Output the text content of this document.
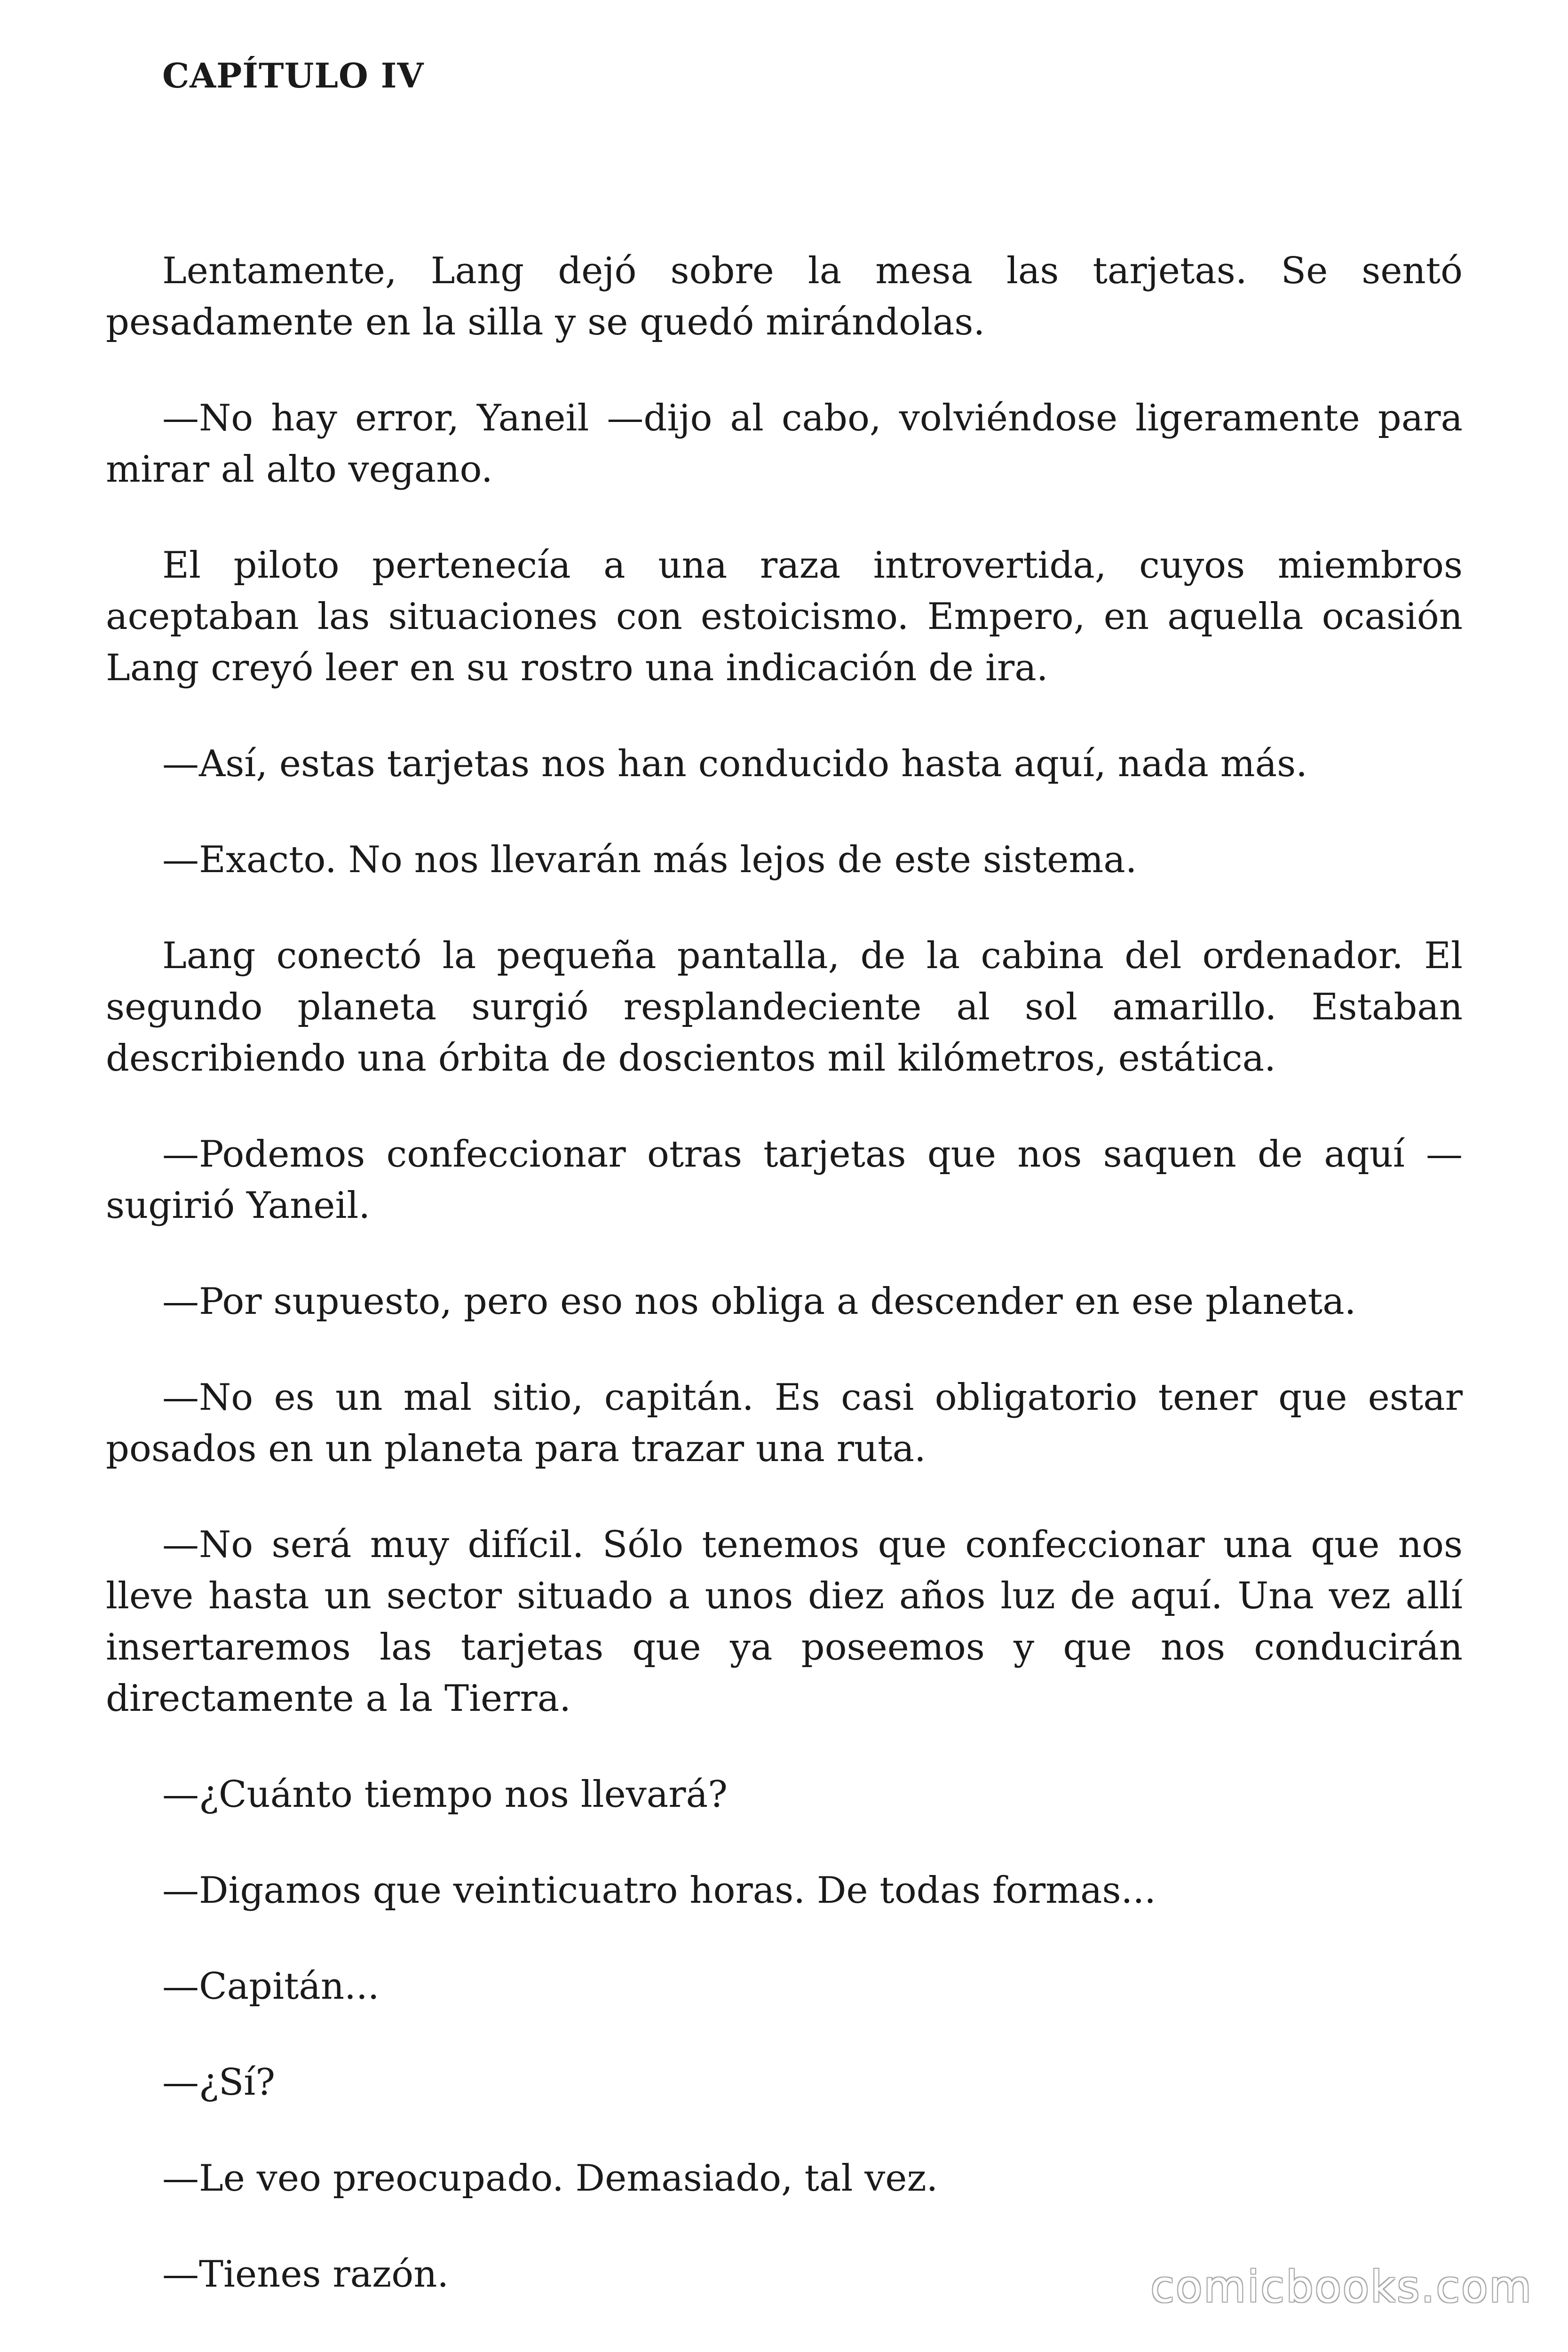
CAPÍTULO IV

Lentamente, Lang dejó sobre la mesa las tarjetas. Se sentó pesadamente en la silla y se quedó mirándolas.

—No hay error, Yaneil —dijo al cabo, volviéndose ligeramente para mirar al alto vegano.

El piloto pertenecía a una raza introvertida, cuyos miembros aceptaban las situaciones con estoicismo. Empero, en aquella ocasión Lang creyó leer en su rostro una indicación de ira.

—Así, estas tarjetas nos han conducido hasta aquí, nada más.

—Exacto. No nos llevarán más lejos de este sistema.

Lang conectó la pequeña pantalla, de la cabina del ordenador. El segundo planeta surgió resplandeciente al sol amarillo. Estaban describiendo una órbita de doscientos mil kilómetros, estática.

—Podemos confeccionar otras tarjetas que nos saquen de aquí —sugirió Yaneil.

—Por supuesto, pero eso nos obliga a descender en ese planeta.

—No es un mal sitio, capitán. Es casi obligatorio tener que estar posados en un planeta para trazar una ruta.

—No será muy difícil. Sólo tenemos que confeccionar una que nos lleve hasta un sector situado a unos diez años luz de aquí. Una vez allí insertaremos las tarjetas que ya poseemos y que nos conducirán directamente a la Tierra.

—¿Cuánto tiempo nos llevará?

—Digamos que veinticuatro horas. De todas formas...

—Capitán...

—¿Sí?

—Le veo preocupado. Demasiado, tal vez.

—Tienes razón.	comicbooks.com
